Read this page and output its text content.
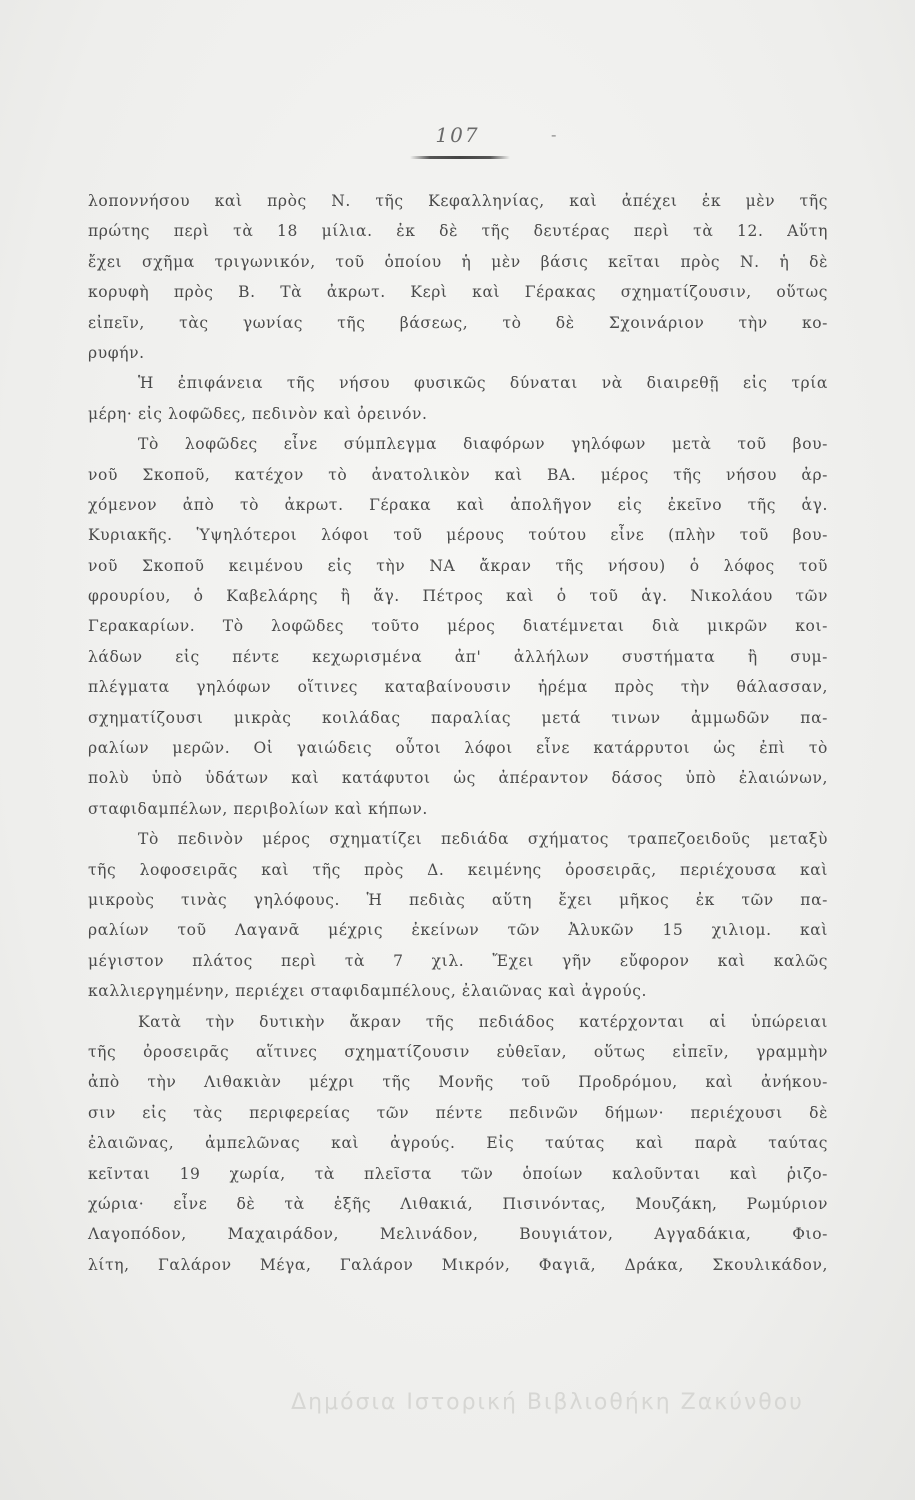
107	-
λοποννήσου καὶ πρὸς Ν. τῆς Κεφαλληνίας, καὶ ἀπέχει ἐκ μὲν τῆς
πρώτης περὶ τὰ 18 μίλια. ἐκ δὲ τῆς δευτέρας περὶ τὰ 12. Αὕτη
ἔχει σχῆμα τριγωνικόν, τοῦ ὁποίου ἡ μὲν βάσις κεῖται πρὸς Ν. ἡ δὲ
κορυφὴ πρὸς Β. Τὰ ἀκρωτ. Κερὶ καὶ Γέρακας σχηματίζουσιν, οὕτως
εἰπεῖν, τὰς γωνίας τῆς βάσεως, τὸ δὲ Σχοινάριον τὴν κο-
ρυφήν.
Ἡ ἐπιφάνεια τῆς νήσου φυσικῶς δύναται νὰ διαιρεθῇ εἰς τρία
μέρη· εἰς λοφῶδες, πεδινὸν καὶ ὀρεινόν.
Τὸ λοφῶδες εἶνε σύμπλεγμα διαφόρων γηλόφων μετὰ τοῦ βου-
νοῦ Σκοποῦ, κατέχον τὸ ἀνατολικὸν καὶ ΒΑ. μέρος τῆς νήσου ἀρ-
χόμενον ἀπὸ τὸ ἀκρωτ. Γέρακα καὶ ἀπολῆγον εἰς ἐκεῖνο τῆς ἁγ.
Κυριακῆς. Ὑψηλότεροι λόφοι τοῦ μέρους τούτου εἶνε (πλὴν τοῦ βου-
νοῦ Σκοποῦ κειμένου εἰς τὴν ΝΑ ἄκραν τῆς νήσου) ὁ λόφος τοῦ
φρουρίου, ὁ Καβελάρης ἢ ἅγ. Πέτρος καὶ ὁ τοῦ ἁγ. Νικολάου τῶν
Γερακαρίων. Τὸ λοφῶδες τοῦτο μέρος διατέμνεται διὰ μικρῶν κοι-
λάδων εἰς πέντε κεχωρισμένα ἀπ' ἀλλήλων συστήματα ἢ συμ-
πλέγματα γηλόφων οἵτινες καταβαίνουσιν ἠρέμα πρὸς τὴν θάλασσαν,
σχηματίζουσι μικρὰς κοιλάδας παραλίας μετά τινων ἀμμωδῶν πα-
ραλίων μερῶν. Οἱ γαιώδεις οὗτοι λόφοι εἶνε κατάρρυτοι ὡς ἐπὶ τὸ
πολὺ ὑπὸ ὑδάτων καὶ κατάφυτοι ὡς ἀπέραντον δάσος ὑπὸ ἐλαιώνων,
σταφιδαμπέλων, περιβολίων καὶ κήπων.
Τὸ πεδινὸν μέρος σχηματίζει πεδιάδα σχήματος τραπεζοειδοῦς μεταξὺ
τῆς λοφοσειρᾶς καὶ τῆς πρὸς Δ. κειμένης ὀροσειρᾶς, περιέχουσα καὶ
μικροὺς τινὰς γηλόφους. Ἡ πεδιὰς αὕτη ἔχει μῆκος ἐκ τῶν πα-
ραλίων τοῦ Λαγανᾶ μέχρις ἐκείνων τῶν Ἀλυκῶν 15 χιλιομ. καὶ
μέγιστον πλάτος περὶ τὰ 7 χιλ. Ἔχει γῆν εὔφορον καὶ καλῶς
καλλιεργημένην, περιέχει σταφιδαμπέλους, ἐλαιῶνας καὶ ἀγρούς.
Κατὰ τὴν δυτικὴν ἄκραν τῆς πεδιάδος κατέρχονται αἱ ὑπώρειαι
τῆς ὀροσειρᾶς αἵτινες σχηματίζουσιν εὐθεῖαν, οὕτως εἰπεῖν, γραμμὴν
ἀπὸ τὴν Λιθακιὰν μέχρι τῆς Μονῆς τοῦ Προδρόμου, καὶ ἀνήκου-
σιν εἰς τὰς περιφερείας τῶν πέντε πεδινῶν δήμων· περιέχουσι δὲ
ἐλαιῶνας, ἀμπελῶνας καὶ ἀγρούς. Εἰς ταύτας καὶ παρὰ ταύτας
κεῖνται 19 χωρία, τὰ πλεῖστα τῶν ὁποίων καλοῦνται καὶ ῥιζο-
χώρια· εἶνε δὲ τὰ ἑξῆς Λιθακιά, Πισινόντας, Μουζάκη, Ρωμύριον
Λαγοπόδον, Μαχαιράδον, Μελινάδον, Βουγιάτον, Αγγαδάκια, Φιο-
λίτη, Γαλάρον Μέγα, Γαλάρον Μικρόν, Φαγιᾶ, Δράκα, Σκουλικάδον,
Δημόσια Ιστορική Βιβλιοθήκη Ζακύνθου
